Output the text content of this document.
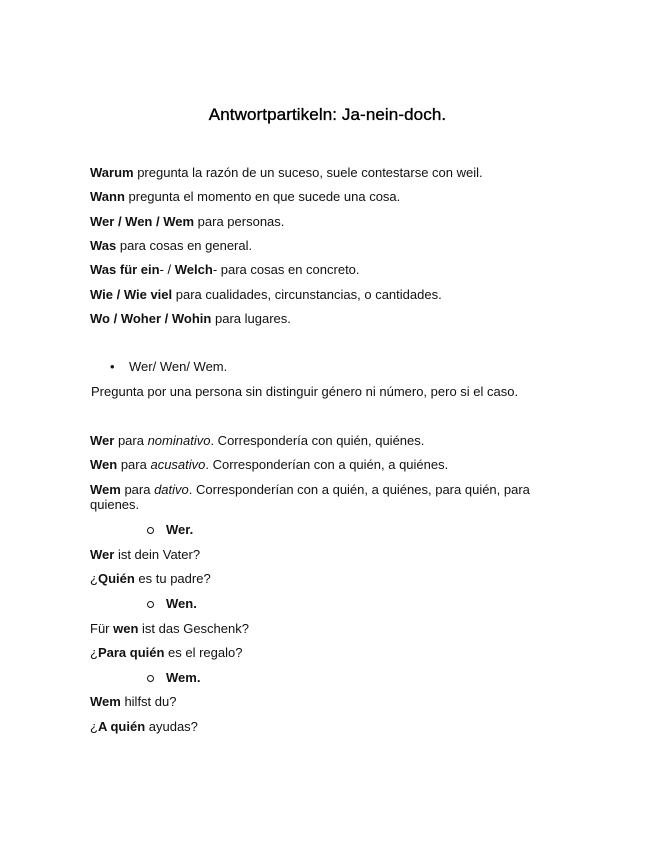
Antwortpartikeln: Ja-nein-doch.
Warum pregunta la razón de un suceso, suele contestarse con weil.
Wann pregunta el momento en que sucede una cosa.
Wer / Wen / Wem para personas.
Was para cosas en general.
Was für ein- / Welch- para cosas en concreto.
Wie / Wie viel para cualidades, circunstancias, o cantidades.
Wo / Woher / Wohin para lugares.
• Wer/ Wen/ Wem.
Pregunta por una persona sin distinguir género ni número, pero si el caso.
Wer para nominativo. Correspondería con quién, quiénes.
Wen para acusativo. Corresponderían con a quién, a quiénes.
Wem para dativo. Corresponderían con a quién, a quiénes, para quién, para quienes.
Wer.
Wer ist dein Vater?
¿Quién es tu padre?
Wen.
Für wen ist das Geschenk?
¿Para quién es el regalo?
Wem.
Wem hilfst du?
¿A quién ayudas?
